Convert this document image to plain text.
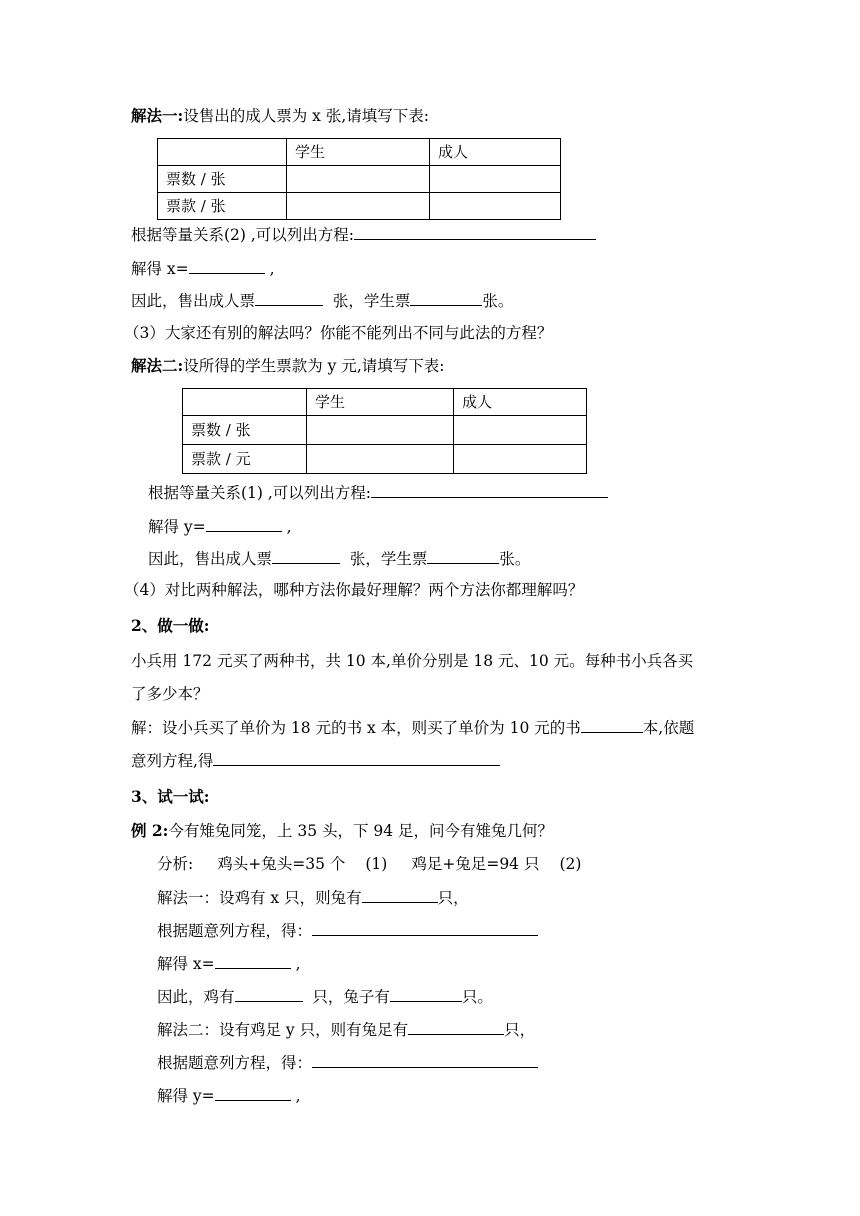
解法一:设售出的成人票为 x 张,请填写下表:
	学生	成人
票数 / 张		
票款 / 张		
根据等量关系(2) ,可以列出方程:
解得 x=	,
因此，售出成人票	张，学生票	张。
（3）大家还有别的解法吗？你能不能列出不同与此法的方程？
解法二:设所得的学生票款为 y 元,请填写下表:
	学生	成人
票数 / 张		
票款 / 元		
根据等量关系(1) ,可以列出方程:
解得 y=	,
因此，售出成人票	张，学生票	张。
（4）对比两种解法，哪种方法你最好理解？两个方法你都理解吗？
2、做一做:
小兵用 172 元买了两种书，共 10 本,单价分别是 18 元、10 元。每种书小兵各买
了多少本？
解：设小兵买了单价为 18 元的书 x 本，则买了单价为 10 元的书	本,依题
意列方程,得
3、试一试:
例 2:今有雉兔同笼，上 35 头，下 94 足，问今有雉兔几何？
分析: 鸡头+兔头=35 个 (1) 鸡足+兔足=94 只 (2)
解法一：设鸡有 x 只，则兔有	只，
根据题意列方程，得：
解得 x=	,
因此，鸡有	只，兔子有	只。
解法二：设有鸡足 y 只，则有兔足有	只，
根据题意列方程，得：
解得 y=	,
